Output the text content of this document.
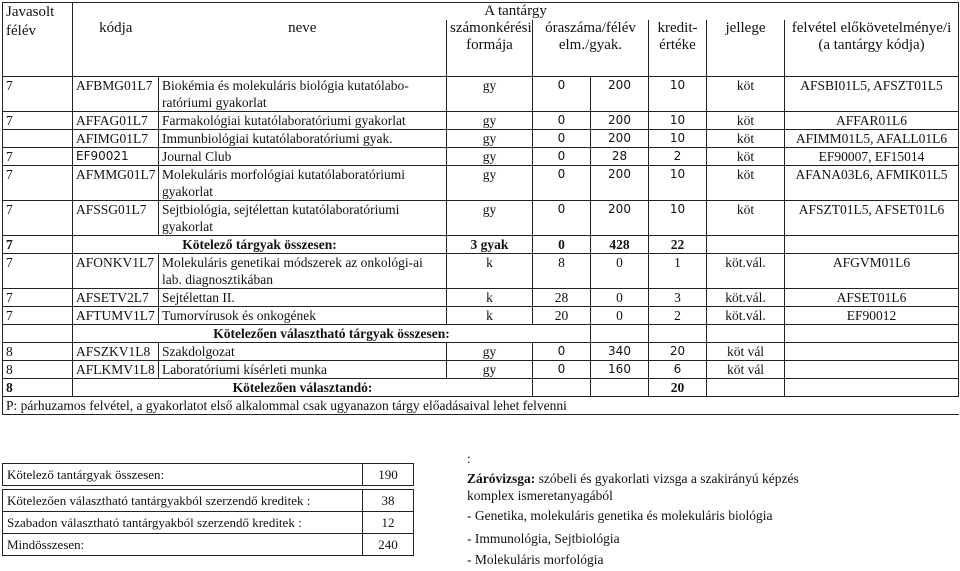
Javasolt
félév	A tantárgy							
	kódja	neve	számonkérési formája	óraszáma/félév elm./gyak.		kredit-értéke	jellege	felvétel előkövetelménye/i (a tantárgy kódja)
7	AFBMG01L7	Biokémia és molekuláris biológia kutatólabo-ratóriumi gyakorlat	gy	0	200	10	köt	AFSBI01L5, AFSZT01L5
7	AFFAG01L7	Farmakológiai kutatólaboratóriumi gyakorlat	gy	0	200	10	köt	AFFAR01L6
	AFIMG01L7	Immunbiológiai kutatólaboratóriumi gyak.	gy	0	200	10	köt	AFIMM01L5, AFALL01L6
7	EF90021	Journal Club	gy	0	28	2	köt	EF90007, EF15014
7	AFMMG01L7	Molekuláris morfológiai kutatólaboratóriumi gyakorlat	gy	0	200	10	köt	AFANA03L6, AFMIK01L5
7	AFSSG01L7	Sejtbiológia, sejtélettan kutatólaboratóriumi gyakorlat	gy	0	200	10	köt	AFSZT01L5, AFSET01L6
7	Kötelező tárgyak összesen:		3 gyak	0	428	22		
7	AFONKV1L7	Molekuláris genetikai módszerek az onkológi-ai lab. diagnosztikában	k	8	0	1	köt.vál.	AFGVM01L6
7	AFSETV2L7	Sejtélettan II.	k	28	0	3	köt.vál.	AFSET01L6
7	AFTUMV1L7	Tumorvírusok és onkogének	k	20	0	2	köt.vál.	EF90012
	Kötelezően választható tárgyak összesen:							
8	AFSZKV1L8	Szakdolgozat	gy	0	340	20	köt vál	
8	AFLKMV1L8	Laboratóriumi kísérleti munka	gy	0	160	6	köt vál	
8	Kötelezően választandó:					20		
P: párhuzamos felvétel, a gyakorlatot első alkalommal csak ugyanazon tárgy előadásaival lehet felvenni								
Kötelező tantárgyak összesen:	190

Kötelezően választható tantárgyakból szerzendő kreditek :	38
Szabadon választható tantárgyakból szerzendő kreditek :	12
Mindösszesen:	240
:
Záróvizsga: szóbeli és gyakorlati vizsga a szakirányú képzés
komplex ismeretanyagából
- Genetika, molekuláris genetika és molekuláris biológia
- Immunológia, Sejtbiológia
- Molekuláris morfológia
